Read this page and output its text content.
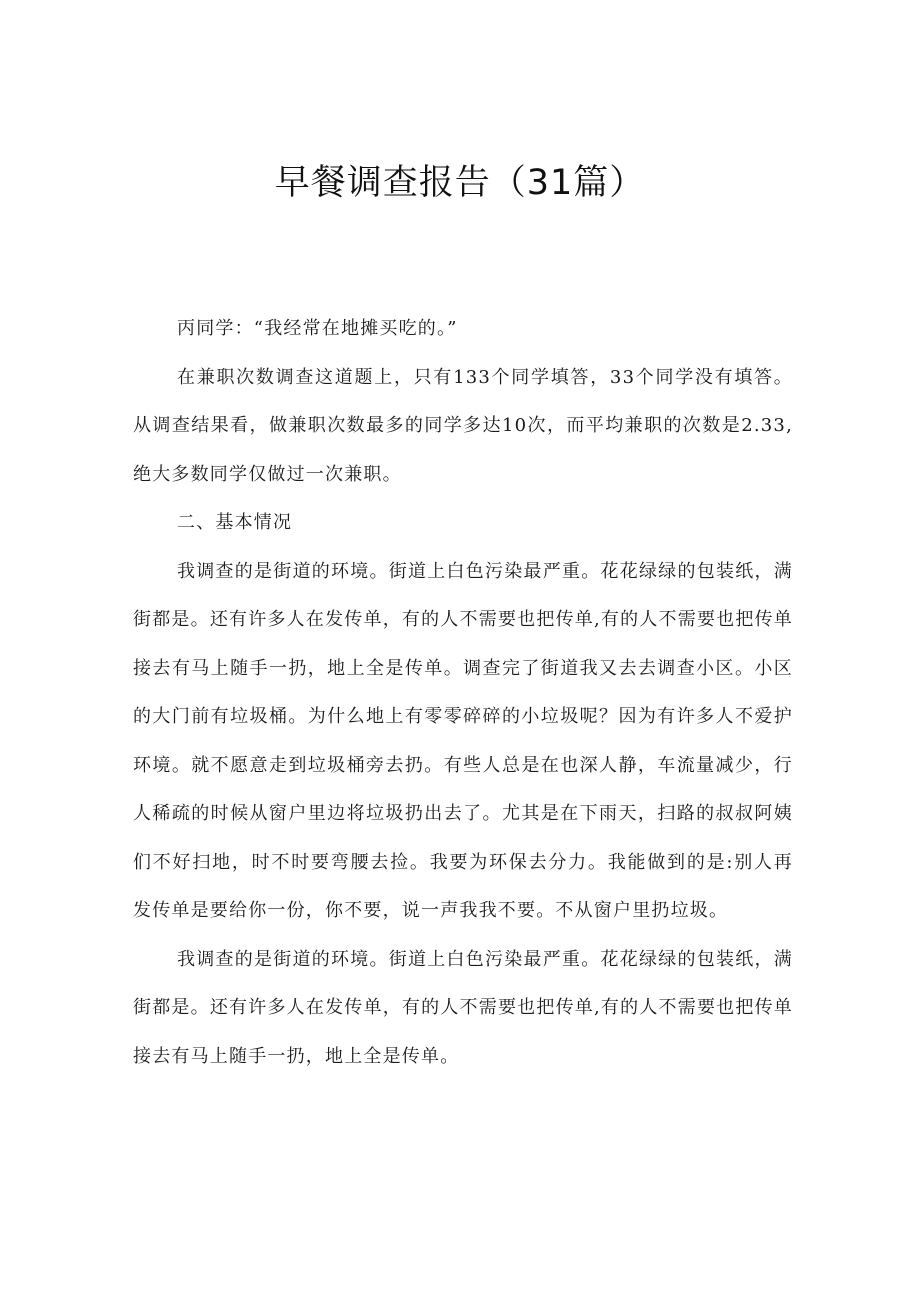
早餐调查报告（31篇）

丙同学：“我经常在地摊买吃的。”

在兼职次数调查这道题上，只有133个同学填答，33个同学没有填答。从调查结果看，做兼职次数最多的同学多达10次，而平均兼职的次数是2.33,绝大多数同学仅做过一次兼职。

二、基本情况

我调查的是街道的环境。街道上白色污染最严重。花花绿绿的包装纸，满街都是。还有许多人在发传单，有的人不需要也把传单,有的人不需要也把传单接去有马上随手一扔，地上全是传单。调查完了街道我又去去调查小区。小区的大门前有垃圾桶。为什么地上有零零碎碎的小垃圾呢？因为有许多人不爱护环境。就不愿意走到垃圾桶旁去扔。有些人总是在也深人静，车流量减少，行人稀疏的时候从窗户里边将垃圾扔出去了。尤其是在下雨天，扫路的叔叔阿姨们不好扫地，时不时要弯腰去捡。我要为环保去分力。我能做到的是:别人再发传单是要给你一份，你不要，说一声我我不要。不从窗户里扔垃圾。

我调查的是街道的环境。街道上白色污染最严重。花花绿绿的包装纸，满街都是。还有许多人在发传单，有的人不需要也把传单,有的人不需要也把传单接去有马上随手一扔，地上全是传单。
